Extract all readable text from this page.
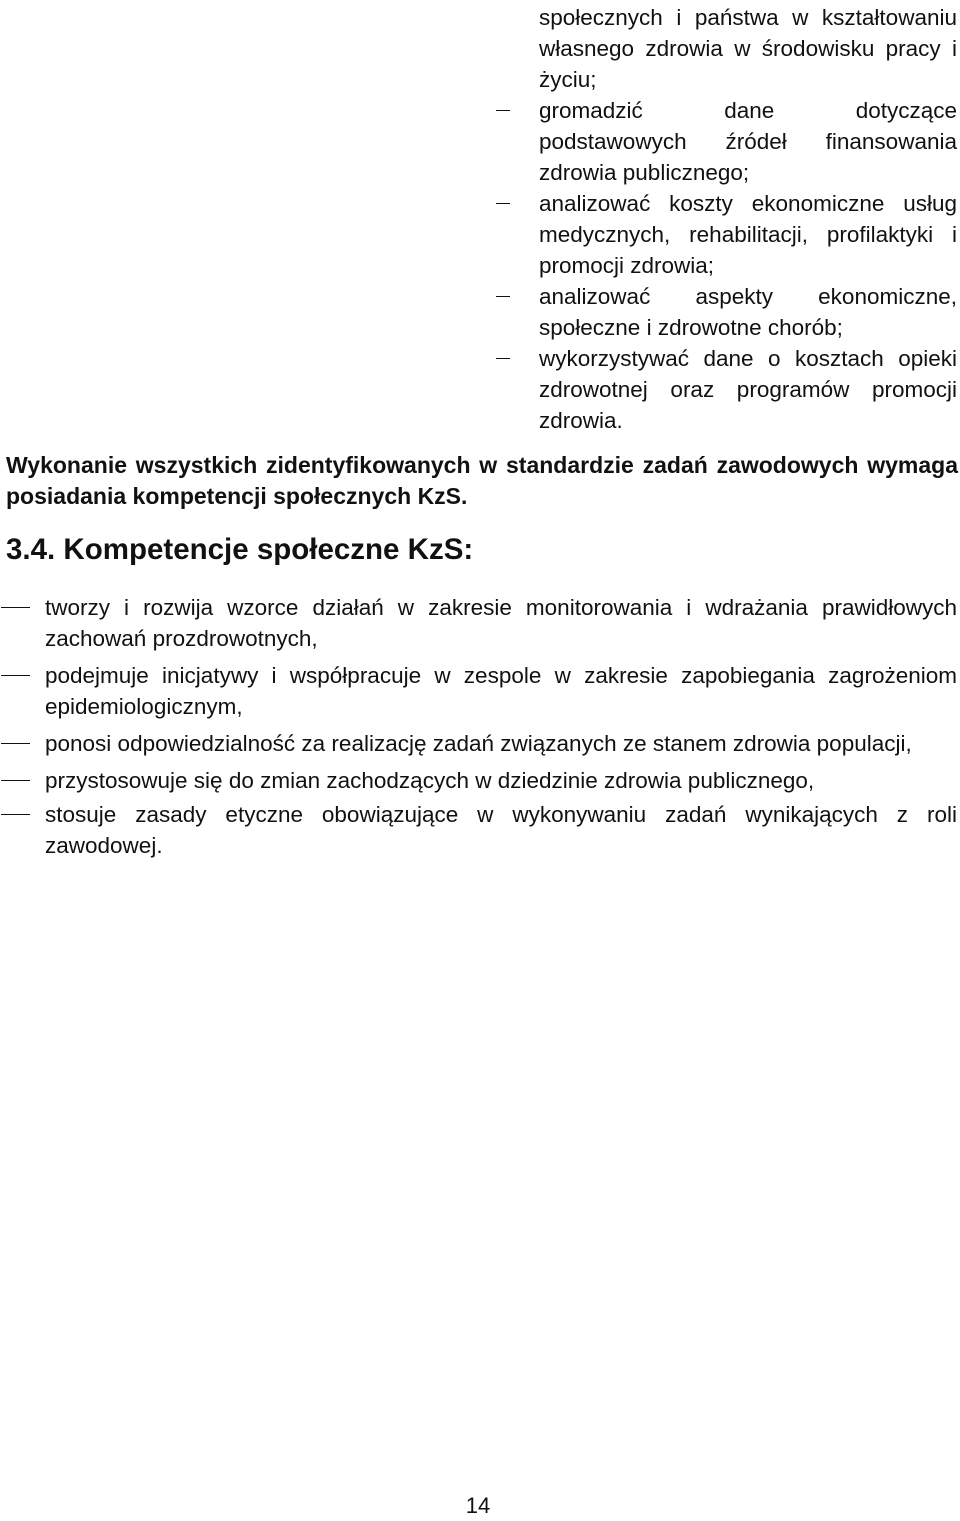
społecznych i państwa w kształtowaniu własnego zdrowia w środowisku pracy i życiu;

gromadzić dane dotyczące podstawowych źródeł finansowania zdrowia publicznego;
analizować koszty ekonomiczne usług medycznych, rehabilitacji, profilaktyki i promocji zdrowia;
analizować aspekty ekonomiczne, społeczne i zdrowotne chorób;
wykorzystywać dane o kosztach opieki zdrowotnej oraz programów promocji zdrowia.

Wykonanie wszystkich zidentyfikowanych w standardzie zadań zawodowych wymaga posiadania kompetencji społecznych KzS.

3.4. Kompetencje społeczne KzS:
tworzy i rozwija wzorce działań w zakresie monitorowania i wdrażania prawidłowych zachowań prozdrowotnych,
podejmuje inicjatywy i współpracuje w zespole w zakresie zapobiegania zagrożeniom epidemiologicznym,
ponosi odpowiedzialność za realizację zadań związanych ze stanem zdrowia populacji,
przystosowuje się do zmian zachodzących w dziedzinie zdrowia publicznego,
stosuje zasady etyczne obowiązujące w wykonywaniu zadań wynikających z roli zawodowej.

14
